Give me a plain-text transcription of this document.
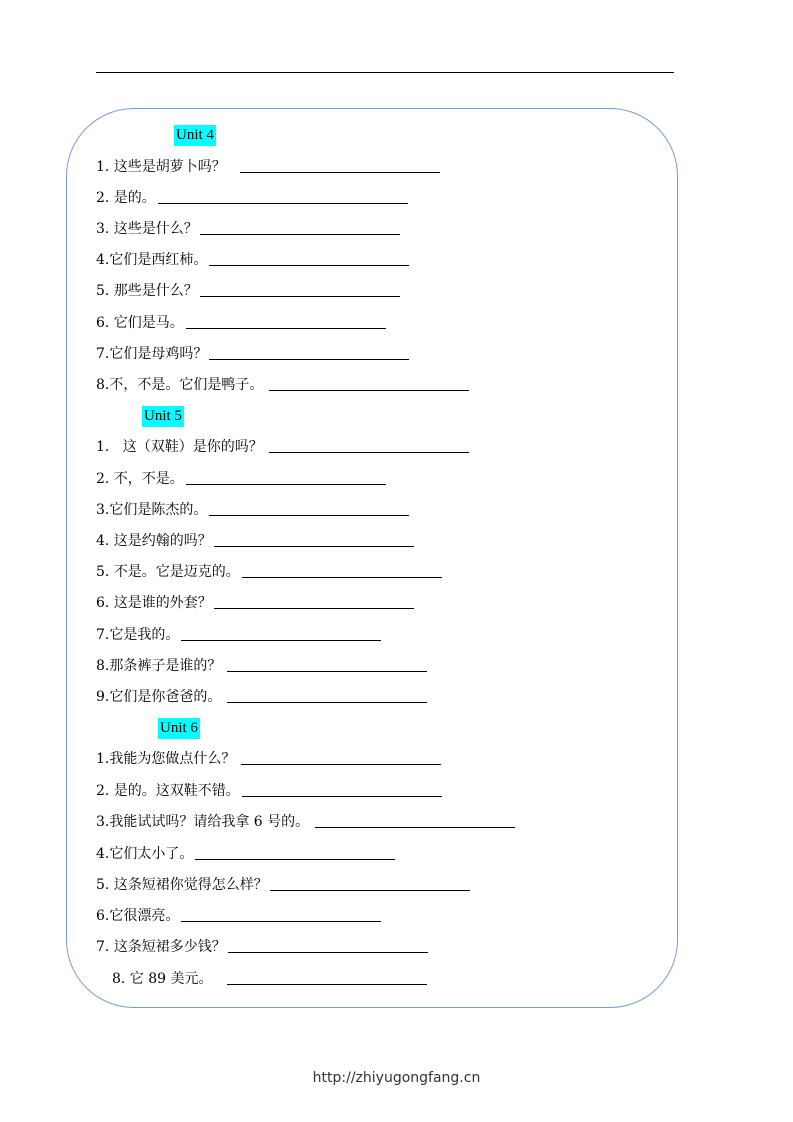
Unit 4
1. 这些是胡萝卜吗？
2. 是的。
3. 这些是什么？
4.它们是西红柿。
5. 那些是什么？
6. 它们是马。
7.它们是母鸡吗？
8.不，不是。它们是鸭子。
Unit 5
1.   这（双鞋）是你的吗？
2. 不，不是。
3.它们是陈杰的。
4. 这是约翰的吗？
5. 不是。它是迈克的。
6. 这是谁的外套？
7.它是我的。
8.那条裤子是谁的？
9.它们是你爸爸的。
Unit 6
1.我能为您做点什么？
2. 是的。这双鞋不错。
3.我能试试吗？请给我拿 6 号的。
4.它们太小了。
5. 这条短裙你觉得怎么样？
6.它很漂亮。
7. 这条短裙多少钱？
8. 它 89 美元。
http://zhiyugongfang.cn
